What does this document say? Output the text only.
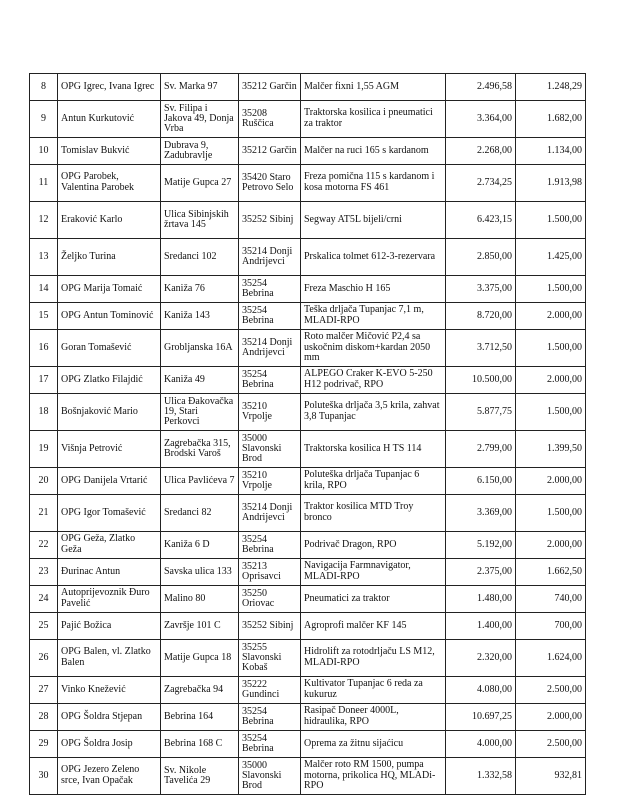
8	OPG Igrec, Ivana Igrec	Sv. Marka 97	35212 Garčin	Malčer fixni 1,55 AGM	2.496,58	1.248,29
9	Antun Kurkutović	Sv. Filipa i Jakova 49, Donja Vrba	35208 Ruščica	Traktorska kosilica i pneumatici za traktor	3.364,00	1.682,00
10	Tomislav Bukvić	Dubrava 9, Zadubravlje	35212 Garčin	Malčer na ruci 165 s kardanom	2.268,00	1.134,00
11	OPG Parobek, Valentina Parobek	Matije Gupca 27	35420 Staro Petrovo Selo	Freza pomična 115 s kardanom i kosa motorna FS 461	2.734,25	1.913,98
12	Eraković Karlo	Ulica Sibinjskih žrtava 145	35252 Sibinj	Segway AT5L bijeli/crni	6.423,15	1.500,00
13	Željko Turina	Sredanci 102	35214 Donji Andrijevci	Prskalica tolmet 612-3-rezervara	2.850,00	1.425,00
14	OPG Marija Tomaić	Kaniža 76	35254 Bebrina	Freza Maschio H 165	3.375,00	1.500,00
15	OPG Antun Tominović	Kaniža 143	35254 Bebrina	Teška drljača Tupanjac 7,1 m, MLADI-RPO	8.720,00	2.000,00
16	Goran Tomašević	Grobljanska 16A	35214 Donji Andrijevci	Roto malčer Mičović P2,4 sa uskočnim diskom+kardan 2050 mm	3.712,50	1.500,00
17	OPG Zlatko Filajdić	Kaniža 49	35254 Bebrina	ALPEGO Craker K-EVO 5-250 H12 podrivač, RPO	10.500,00	2.000,00
18	Bošnjaković Mario	Ulica Đakovačka 19, Stari Perkovci	35210 Vrpolje	Poluteška drljača 3,5 krila, zahvat 3,8 Tupanjac	5.877,75	1.500,00
19	Višnja Petrović	Zagrebačka 315, Brodski Varoš	35000 Slavonski Brod	Traktorska kosilica H TS 114	2.799,00	1.399,50
20	OPG Danijela Vrtarić	Ulica Pavlićeva 7	35210 Vrpolje	Poluteška drljača Tupanjac 6 krila, RPO	6.150,00	2.000,00
21	OPG Igor Tomašević	Sredanci 82	35214 Donji Andrijevci	Traktor kosilica MTD Troy bronco	3.369,00	1.500,00
22	OPG Geža, Zlatko Geža	Kaniža 6 D	35254 Bebrina	Podrivač Dragon, RPO	5.192,00	2.000,00
23	Đurinac Antun	Savska ulica 133	35213 Oprisavci	Navigacija Farmnavigator, MLADI-RPO	2.375,00	1.662,50
24	Autoprijevoznik Đuro Pavelić	Malino 80	35250 Oriovac	Pneumatici za traktor	1.480,00	740,00
25	Pajić Božica	Završje 101 C	35252 Sibinj	Agroprofi malčer KF 145	1.400,00	700,00
26	OPG Balen, vl. Zlatko Balen	Matije Gupca 18	35255 Slavonski Kobaš	Hidrolift za rotodrljaču LS M12, MLADI-RPO	2.320,00	1.624,00
27	Vinko Knežević	Zagrebačka 94	35222 Gundinci	Kultivator Tupanjac 6 reda za kukuruz	4.080,00	2.500,00
28	OPG Šoldra Stjepan	Bebrina 164	35254 Bebrina	Rasipač Doneer 4000L, hidraulika, RPO	10.697,25	2.000,00
29	OPG Šoldra Josip	Bebrina 168 C	35254 Bebrina	Oprema za žitnu sijaćicu	4.000,00	2.500,00
30	OPG Jezero Zeleno srce, Ivan Opačak	Sv. Nikole Tavelića 29	35000 Slavonski Brod	Malčer roto RM 1500, pumpa motorna, prikolica HQ, MLADi-RPO	1.332,58	932,81
